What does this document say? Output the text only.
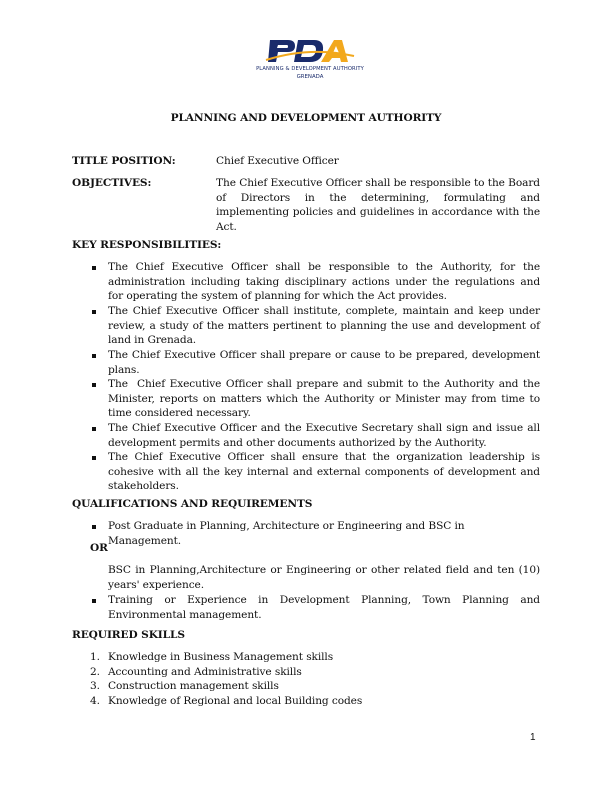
PLANNING & DEVELOPMENT AUTHORITY
GRENADA
PLANNING AND DEVELOPMENT AUTHORITY
TITLE POSITION:	Chief Executive Officer
OBJECTIVES:	The Chief Executive Officer shall be responsible to the Board
of Directors in the determining, formulating and
implementing policies and guidelines in accordance with the
Act.
KEY RESPONSIBILITIES:
The Chief Executive Officer shall be responsible to the Authority, for the
administration including taking disciplinary actions under the regulations and
for operating the system of planning for which the Act provides.
The Chief Executive Officer shall institute, complete, maintain and keep under
review, a study of the matters pertinent to planning the use and development of
land in Grenada.
The Chief Executive Officer shall prepare or cause to be prepared, development
plans.
The  Chief Executive Officer shall prepare and submit to the Authority and the
Minister, reports on matters which the Authority or Minister may from time to
time considered necessary.
The Chief Executive Officer and the Executive Secretary shall sign and issue all
development permits and other documents authorized by the Authority.
The Chief Executive Officer shall ensure that the organization leadership is
cohesive with all the key internal and external components of development and
stakeholders.
QUALIFICATIONS AND REQUIREMENTS
Post Graduate in Planning, Architecture or Engineering and BSC in Management.
OR
BSC in Planning,Architecture or Engineering or other related field and ten (10)
years' experience.
Training or Experience in Development Planning, Town Planning and
Environmental management.
REQUIRED SKILLS
1. Knowledge in Business Management skills
2. Accounting and Administrative skills
3. Construction management skills
4. Knowledge of Regional and local Building codes
1
